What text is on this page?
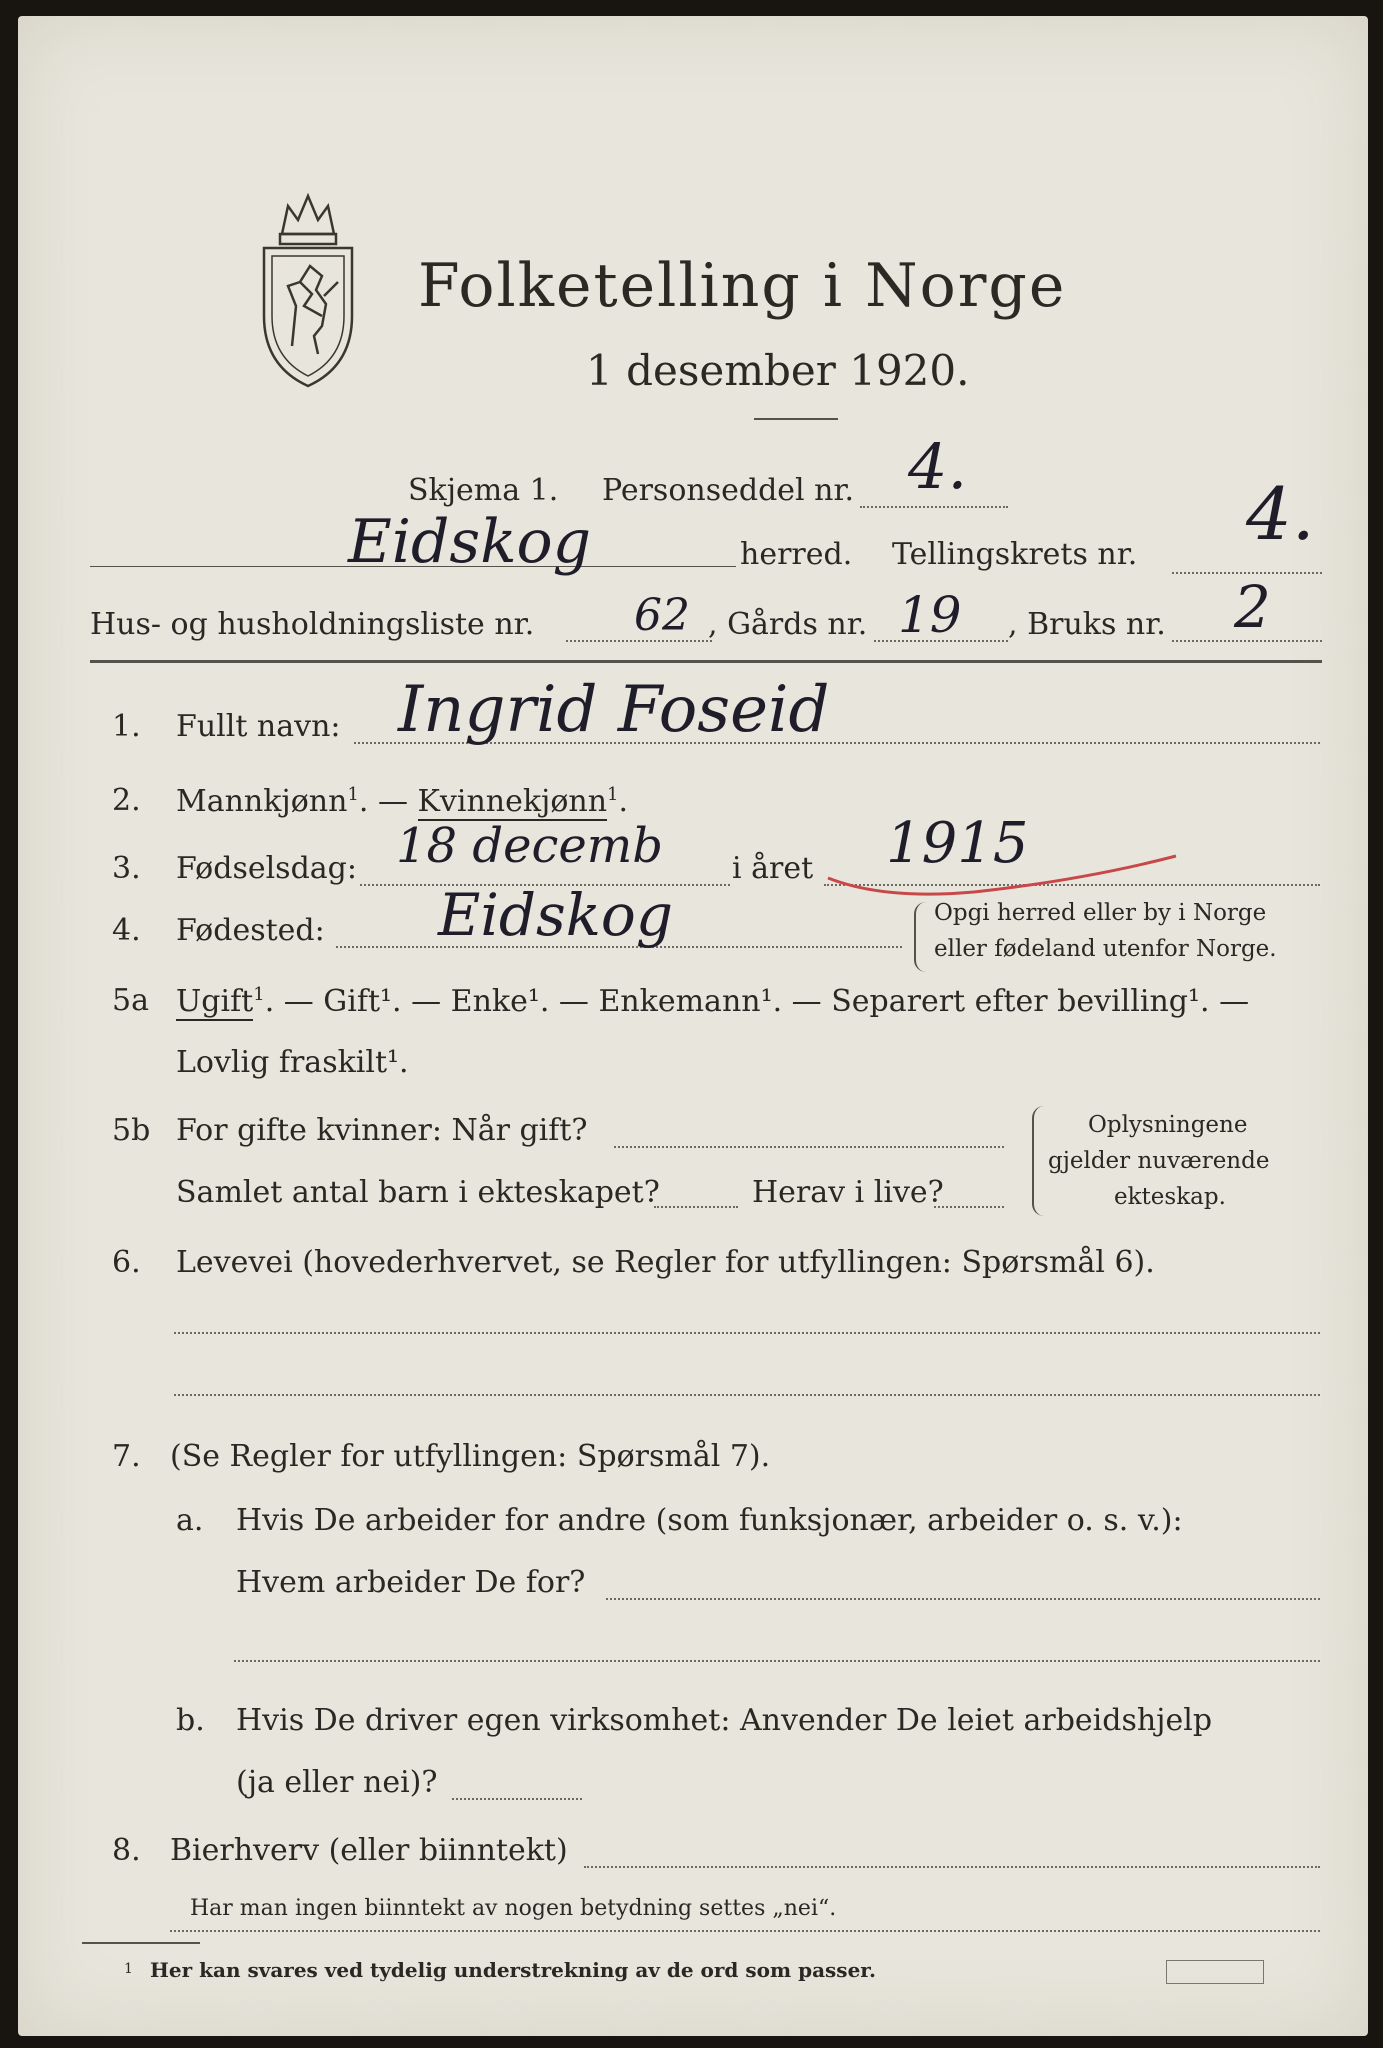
Folketelling i Norge
1 desember 1920.
Skjema 1. Personseddel nr. 4.
Eidskog	herred. Tellingskrets nr. 4.
Hus- og husholdningsliste nr. 62 , Gårds nr. 19 , Bruks nr. 2
1. Fullt navn: Ingrid Foseid
2. Mannkjønn$^1$. — Kvinnekjønn$^1$.
3. Fødselsdag: 18 decemb i året 1915
4. Fødested: Eidskog	Opgi herred eller by i Norge
eller fødeland utenfor Norge.
5a Ugift$^1$. — Gift¹. — Enke¹. — Enkemann¹. — Separert efter bevilling¹. —
Lovlig fraskilt¹.
5b For gifte kvinner: Når gift?
Samlet antal barn i ekteskapet?	Herav i live?
Oplysningene
gjelder nuværende
ekteskap.
6. Levevei (hovederhvervet, se Regler for utfyllingen: Spørsmål 6).
7. (Se Regler for utfyllingen: Spørsmål 7).
a. Hvis De arbeider for andre (som funksjonær, arbeider o. s. v.):
Hvem arbeider De for?
b. Hvis De driver egen virksomhet: Anvender De leiet arbeidshjelp
(ja eller nei)?
8. Bierhverv (eller biinntekt)
Har man ingen biinntekt av nogen betydning settes „nei“.
1 Her kan svares ved tydelig understrekning av de ord som passer.
